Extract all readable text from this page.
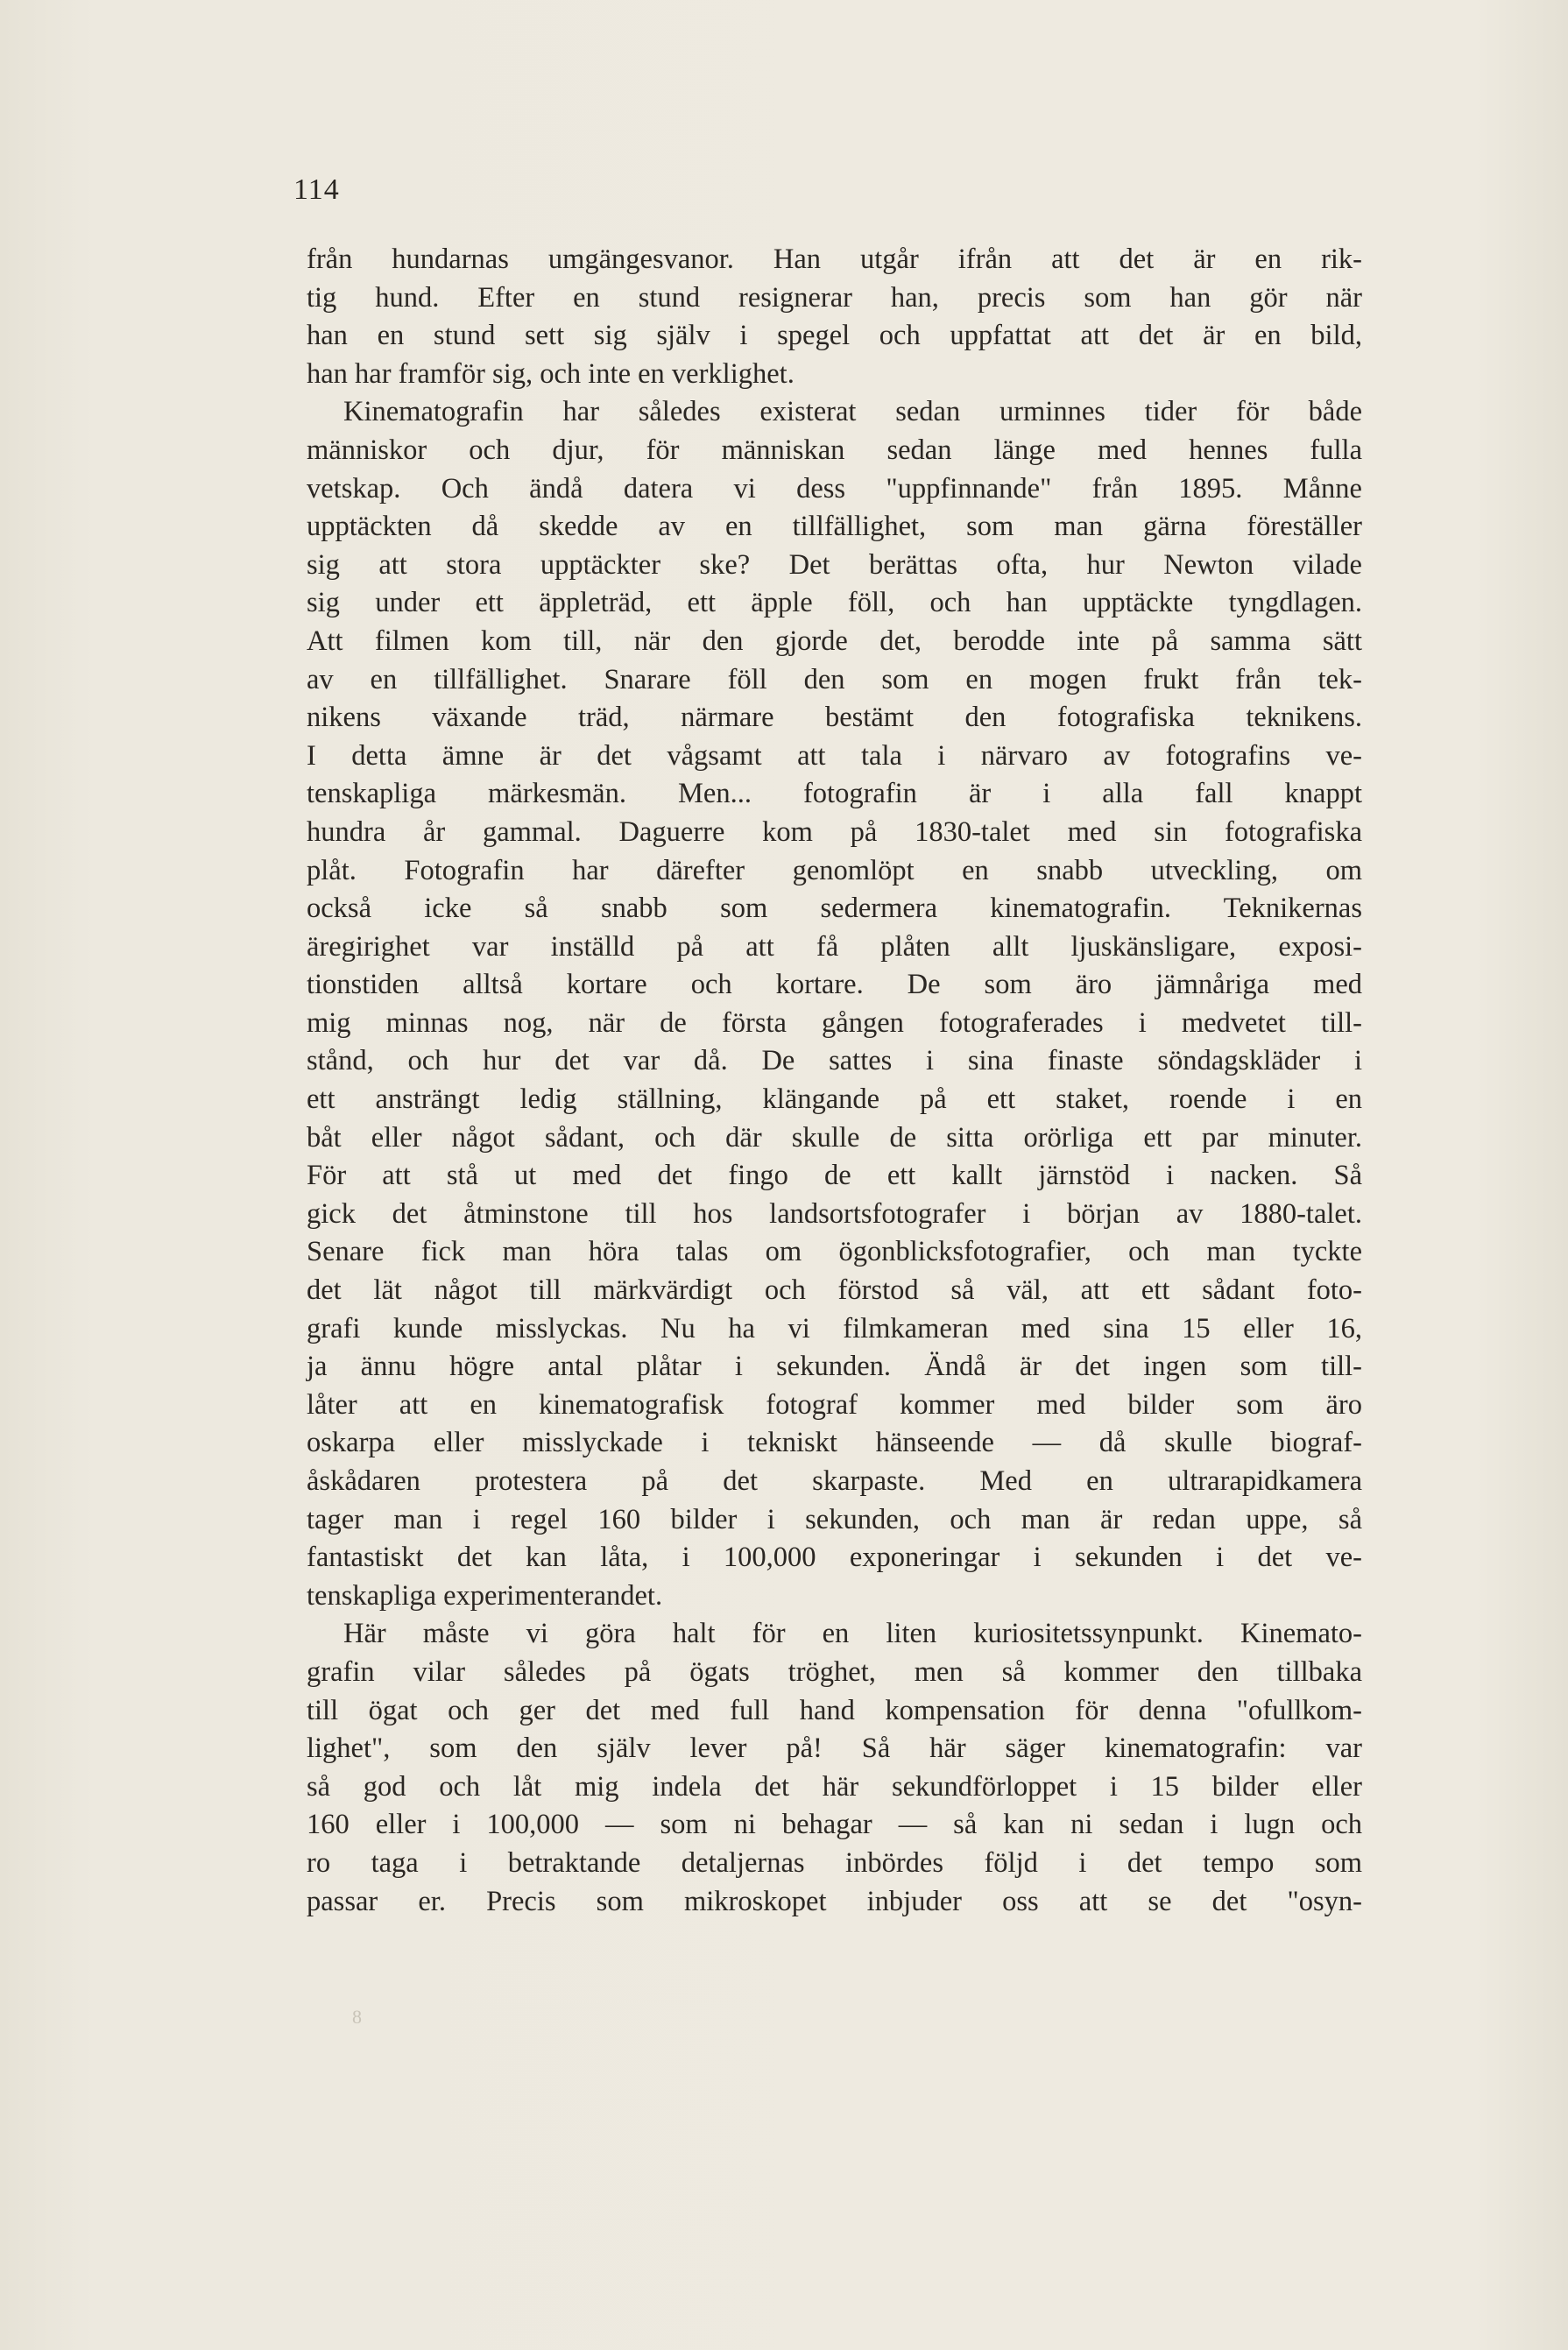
114
från hundarnas umgängesvanor. Han utgår ifrån att det är en rik-
tig hund. Efter en stund resignerar han, precis som han gör när
han en stund sett sig själv i spegel och uppfattat att det är en bild,
han har framför sig, och inte en verklighet.
Kinematografin har således existerat sedan urminnes tider för både
människor och djur, för människan sedan länge med hennes fulla
vetskap. Och ändå datera vi dess "uppfinnande" från 1895. Månne
upptäckten då skedde av en tillfällighet, som man gärna föreställer
sig att stora upptäckter ske? Det berättas ofta, hur Newton vilade
sig under ett äppleträd, ett äpple föll, och han upptäckte tyngdlagen.
Att filmen kom till, när den gjorde det, berodde inte på samma sätt
av en tillfällighet. Snarare föll den som en mogen frukt från tek-
nikens växande träd, närmare bestämt den fotografiska teknikens.
I detta ämne är det vågsamt att tala i närvaro av fotografins ve-
tenskapliga märkesmän. Men... fotografin är i alla fall knappt
hundra år gammal. Daguerre kom på 1830-talet med sin fotografiska
plåt. Fotografin har därefter genomlöpt en snabb utveckling, om
också icke så snabb som sedermera kinematografin. Teknikernas
äregirighet var inställd på att få plåten allt ljuskänsligare, exposi-
tionstiden alltså kortare och kortare. De som äro jämnåriga med
mig minnas nog, när de första gången fotograferades i medvetet till-
stånd, och hur det var då. De sattes i sina finaste söndagskläder i
ett ansträngt ledig ställning, klängande på ett staket, roende i en
båt eller något sådant, och där skulle de sitta orörliga ett par minuter.
För att stå ut med det fingo de ett kallt järnstöd i nacken. Så
gick det åtminstone till hos landsortsfotografer i början av 1880-talet.
Senare fick man höra talas om ögonblicksfotografier, och man tyckte
det lät något till märkvärdigt och förstod så väl, att ett sådant foto-
grafi kunde misslyckas. Nu ha vi filmkameran med sina 15 eller 16,
ja ännu högre antal plåtar i sekunden. Ändå är det ingen som till-
låter att en kinematografisk fotograf kommer med bilder som äro
oskarpa eller misslyckade i tekniskt hänseende — då skulle biograf-
åskådaren protestera på det skarpaste. Med en ultrarapidkamera
tager man i regel 160 bilder i sekunden, och man är redan uppe, så
fantastiskt det kan låta, i 100,000 exponeringar i sekunden i det ve-
tenskapliga experimenterandet.
Här måste vi göra halt för en liten kuriositetssynpunkt. Kinemato-
grafin vilar således på ögats tröghet, men så kommer den tillbaka
till ögat och ger det med full hand kompensation för denna "ofullkom-
lighet", som den själv lever på! Så här säger kinematografin: var
så god och låt mig indela det här sekundförloppet i 15 bilder eller
160 eller i 100,000 — som ni behagar — så kan ni sedan i lugn och
ro taga i betraktande detaljernas inbördes följd i det tempo som
passar er. Precis som mikroskopet inbjuder oss att se det "osyn-
8
